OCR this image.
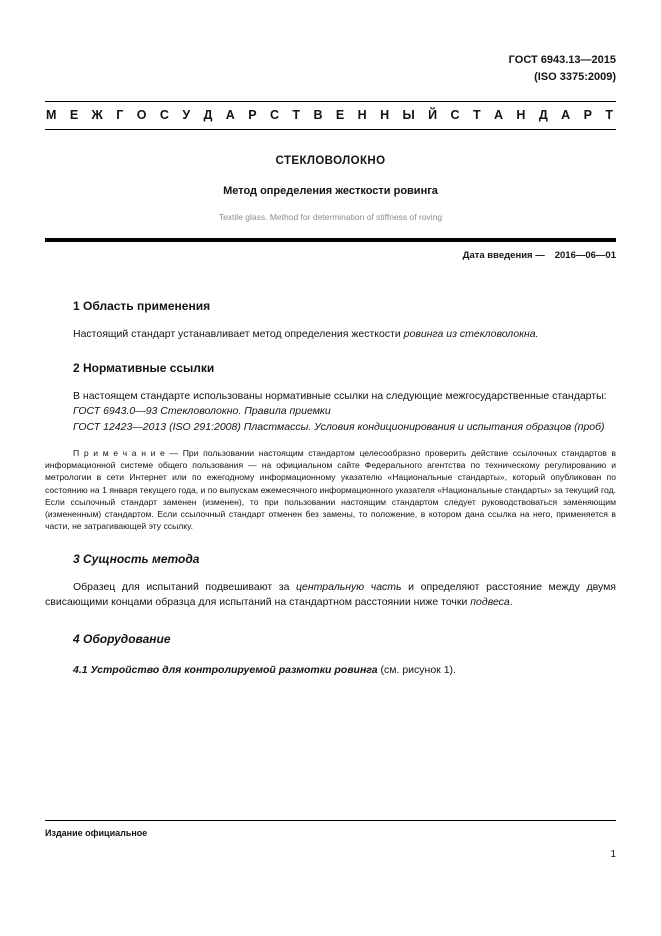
ГОСТ 6943.13—2015
(ISO 3375:2009)
М Е Ж Г О С У Д А Р С Т В Е Н Н Ы Й С Т А Н Д А Р Т
СТЕКЛОВОЛОКНО
Метод определения жесткости ровинга
Textile glass. Method for determination of stiffness of roving
Дата введения — 2016—06—01
1 Область применения

Настоящий стандарт устанавливает метод определения жесткости ровинга из стекловолокна.

2 Нормативные ссылки

В настоящем стандарте использованы нормативные ссылки на следующие межгосударственные стандарты:

ГОСТ 6943.0—93 Стекловолокно. Правила приемки

ГОСТ 12423—2013 (ISO 291:2008) Пластмассы. Условия кондиционирования и испытания образцов (проб)

П р и м е ч а н и е — При пользовании настоящим стандартом целесообразно проверить действие ссылочных стандартов в информационной системе общего пользования — на официальном сайте Федерального агентства по техническому регулированию и метрологии в сети Интернет или по ежегодному информационному указателю «Национальные стандарты», который опубликован по состоянию на 1 января текущего года, и по выпускам ежемесячного информационного указателя «Национальные стандарты» за текущий год. Если ссылочный стандарт заменен (изменен), то при пользовании настоящим стандартом следует руководствоваться заменяющим (измененным) стандартом. Если ссылочный стандарт отменен без замены, то положение, в котором дана ссылка на него, применяется в части, не затрагивающей эту ссылку.

3 Сущность метода

Образец для испытаний подвешивают за центральную часть и определяют расстояние между двумя свисающими концами образца для испытаний на стандартном расстоянии ниже точки подвеса.

4 Оборудование

4.1 Устройство для контролируемой размотки ровинга (см. рисунок 1).

Издание официальное
1
